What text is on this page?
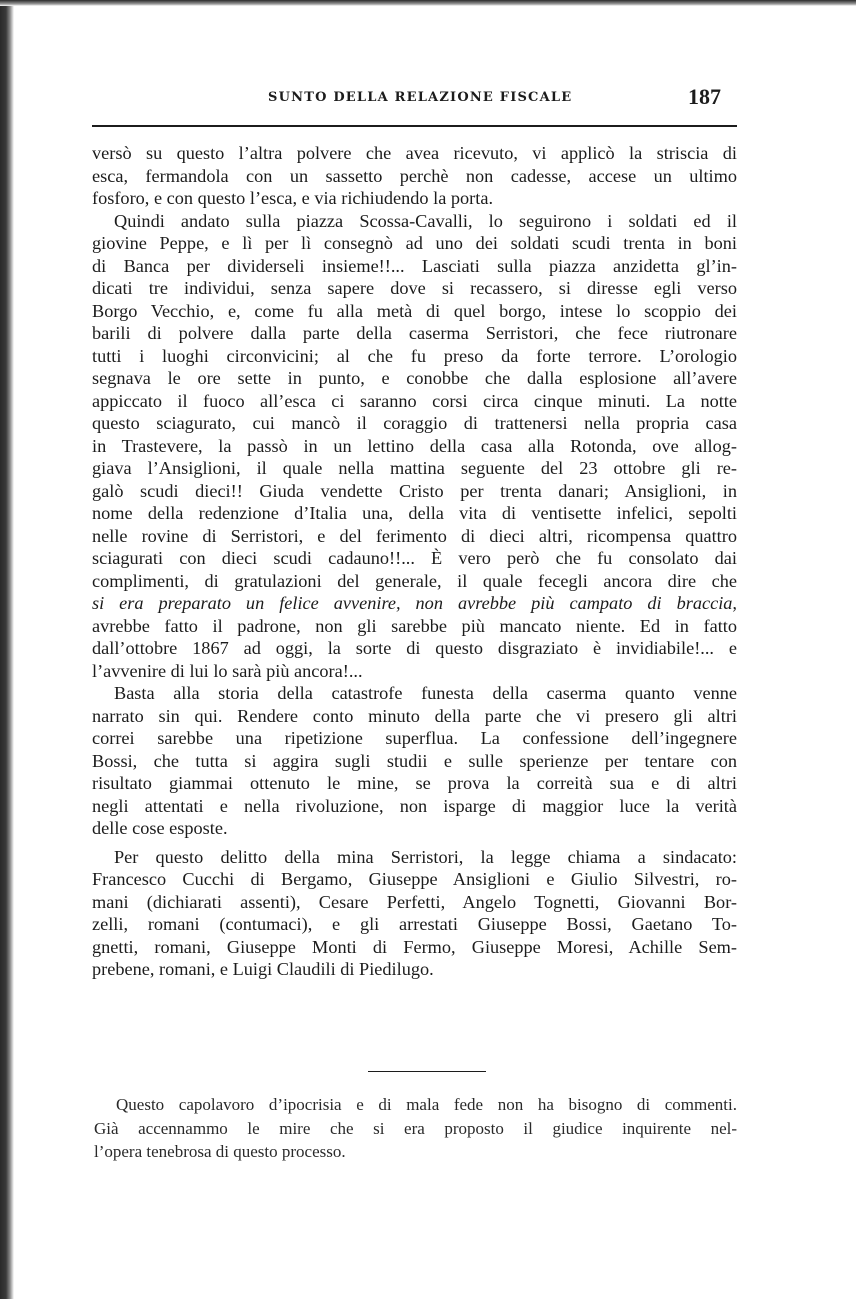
SUNTO DELLA RELAZIONE FISCALE	187
versò su questo l’altra polvere che avea ricevuto, vi applicò la striscia di
esca, fermandola con un sassetto perchè non cadesse, accese un ultimo
fosforo, e con questo l’esca, e via richiudendo la porta.
Quindi andato sulla piazza Scossa-Cavalli, lo seguirono i soldati ed il
giovine Peppe, e lì per lì consegnò ad uno dei soldati scudi trenta in boni
di Banca per dividerseli insieme!!... Lasciati sulla piazza anzidetta gl’in-
dicati tre individui, senza sapere dove si recassero, si diresse egli verso
Borgo Vecchio, e, come fu alla metà di quel borgo, intese lo scoppio dei
barili di polvere dalla parte della caserma Serristori, che fece riutronare
tutti i luoghi circonvicini; al che fu preso da forte terrore. L’orologio
segnava le ore sette in punto, e conobbe che dalla esplosione all’avere
appiccato il fuoco all’esca ci saranno corsi circa cinque minuti. La notte
questo sciagurato, cui mancò il coraggio di trattenersi nella propria casa
in Trastevere, la passò in un lettino della casa alla Rotonda, ove allog-
giava l’Ansiglioni, il quale nella mattina seguente del 23 ottobre gli re-
galò scudi dieci!! Giuda vendette Cristo per trenta danari; Ansiglioni, in
nome della redenzione d’Italia una, della vita di ventisette infelici, sepolti
nelle rovine di Serristori, e del ferimento di dieci altri, ricompensa quattro
sciagurati con dieci scudi cadauno!!... È vero però che fu consolato dai
complimenti, di gratulazioni del generale, il quale fecegli ancora dire che
si era preparato un felice avvenire, non avrebbe più campato di braccia,
avrebbe fatto il padrone, non gli sarebbe più mancato niente. Ed in fatto
dall’ottobre 1867 ad oggi, la sorte di questo disgraziato è invidiabile!... e
l’avvenire di lui lo sarà più ancora!...
Basta alla storia della catastrofe funesta della caserma quanto venne
narrato sin qui. Rendere conto minuto della parte che vi presero gli altri
correi sarebbe una ripetizione superflua. La confessione dell’ingegnere
Bossi, che tutta si aggira sugli studii e sulle sperienze per tentare con
risultato giammai ottenuto le mine, se prova la correità sua e di altri
negli attentati e nella rivoluzione, non isparge di maggior luce la verità
delle cose esposte.
Per questo delitto della mina Serristori, la legge chiama a sindacato:
Francesco Cucchi di Bergamo, Giuseppe Ansiglioni e Giulio Silvestri, ro-
mani (dichiarati assenti), Cesare Perfetti, Angelo Tognetti, Giovanni Bor-
zelli, romani (contumaci), e gli arrestati Giuseppe Bossi, Gaetano To-
gnetti, romani, Giuseppe Monti di Fermo, Giuseppe Moresi, Achille Sem-
prebene, romani, e Luigi Claudili di Piedilugo.
Questo capolavoro d’ipocrisia e di mala fede non ha bisogno di commenti.
Già accennammo le mire che si era proposto il giudice inquirente nel-
l’opera tenebrosa di questo processo.
